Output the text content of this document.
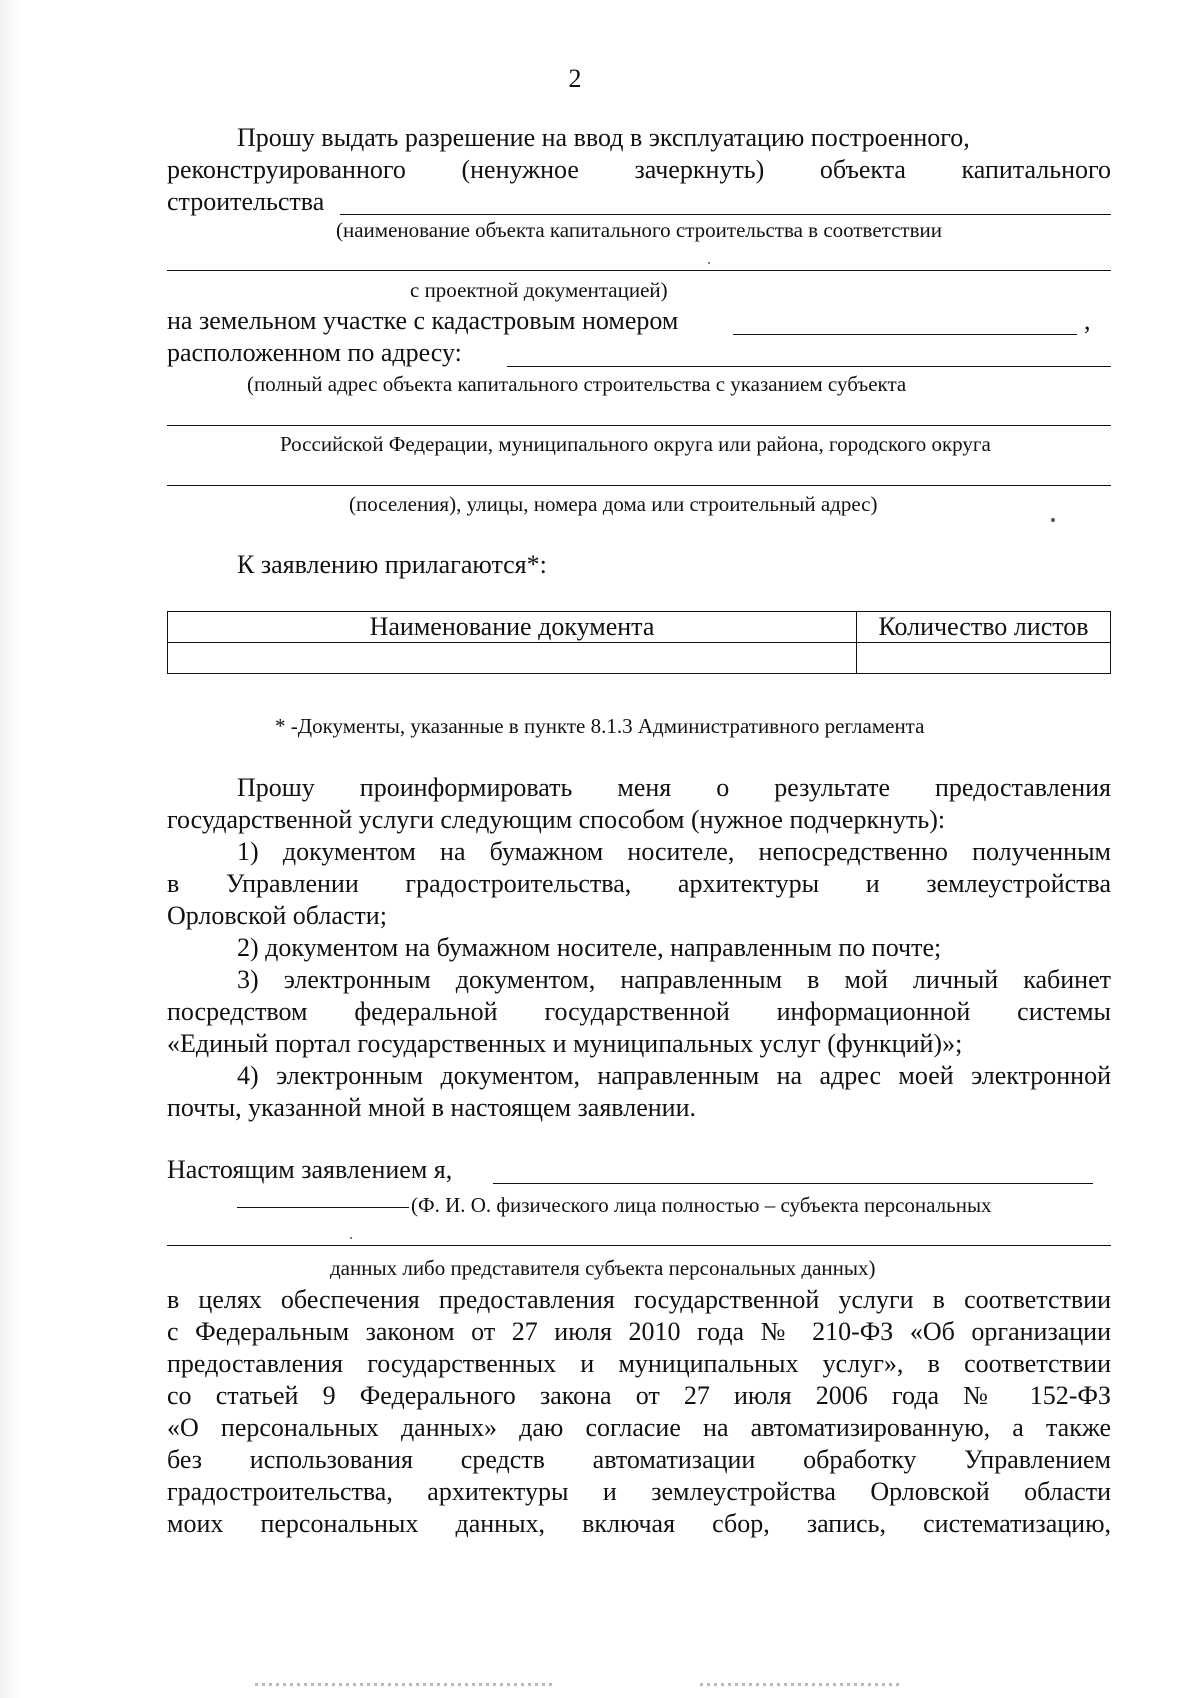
2
Прошу выдать разрешение на ввод в эксплуатацию построенного,
реконструированного (ненужное зачеркнуть) объекта капитального
строительства
(наименование объекта капитального строительства в соответствии
с проектной документацией)
на земельном участке с кадастровым номером	,
расположенном по адресу:
(полный адрес объекта капитального строительства с указанием субъекта
Российской Федерации, муниципального округа или района, городского округа
(поселения), улицы, номера дома или строительный адрес)
К заявлению прилагаются*:
Наименование документа	Количество листов

* -Документы, указанные в пункте 8.1.3 Административного регламента
Прошу проинформировать меня о результате предоставления
государственной услуги следующим способом (нужное подчеркнуть):
1) документом на бумажном носителе, непосредственно полученным
в Управлении градостроительства, архитектуры и землеустройства
Орловской области;
2) документом на бумажном носителе, направленным по почте;
3) электронным документом, направленным в мой личный кабинет
посредством федеральной государственной информационной системы
«Единый портал государственных и муниципальных услуг (функций)»;
4) электронным документом, направленным на адрес моей электронной
почты, указанной мной в настоящем заявлении.
Настоящим заявлением я,
(Ф. И. О. физического лица полностью – субъекта персональных
данных либо представителя субъекта персональных данных)
в целях обеспечения предоставления государственной услуги в соответствии
с Федеральным законом от 27 июля 2010 года № 210-ФЗ «Об организации
предоставления государственных и муниципальных услуг», в соответствии
со статьей 9 Федерального закона от 27 июля 2006 года № 152-ФЗ
«О персональных данных» даю согласие на автоматизированную, а также
без использования средств автоматизации обработку Управлением
градостроительства, архитектуры и землеустройства Орловской области
моих персональных данных, включая сбор, запись, систематизацию,
